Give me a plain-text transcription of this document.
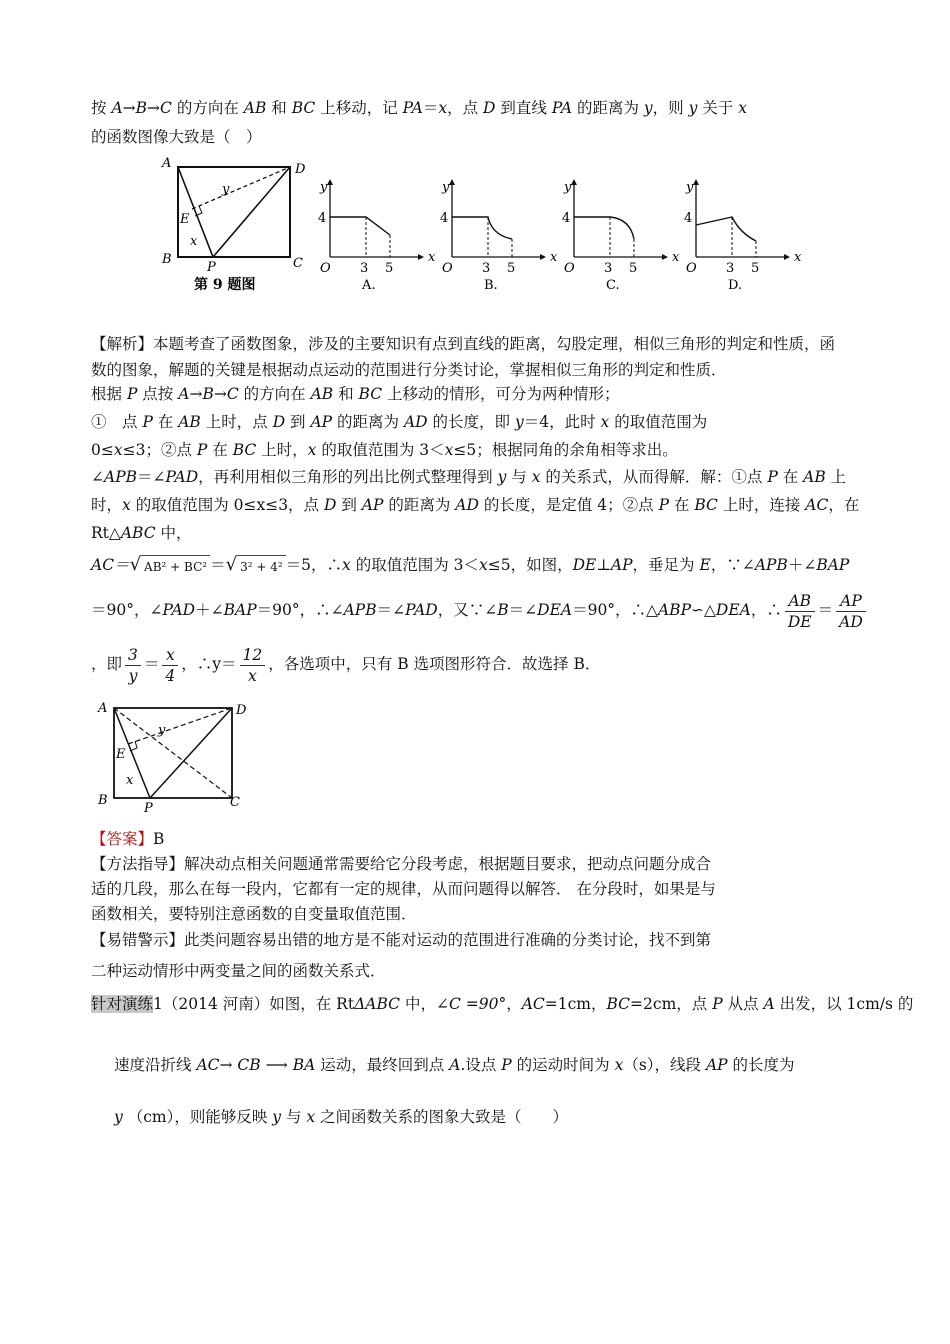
按 A→B→C 的方向在 AB 和 BC 上移动，记 PA＝x，点 D 到直线 PA 的距离为 y，则 y 关于 x
的函数图像大致是（　）
A	D
B	C
E
P
x
y
第 9 题图
4
3 5
O
x
y
A.
4
3 5
O
x
y
B.
4
3 5
O
x
y
C.
4
3 5
O
x
y
D.
【解析】本题考查了函数图象，涉及的主要知识有点到直线的距离，勾股定理，相似三角形的判定和性质，函
数的图象，解题的关键是根据动点运动的范围进行分类讨论，掌握相似三角形的判定和性质．
根据 P 点按 A→B→C 的方向在 AB 和 BC 上移动的情形，可分为两种情形；
①　点 P 在 AB 上时，点 D 到 AP 的距离为 AD 的长度，即 y＝4，此时 x 的取值范围为
0≤x≤3；②点 P 在 BC 上时，x 的取值范围为 3＜x≤5；根据同角的余角相等求出。
∠APB＝∠PAD，再利用相似三角形的列出比例式整理得到 y 与 x 的关系式，从而得解．解：①点 P 在 AB 上
时，x 的取值范围为 0≤x≤3，点 D 到 AP 的距离为 AD 的长度，是定值 4；②点 P 在 BC 上时，连接 AC，在
Rt△ABC 中，
AC＝√ AB² + BC² ＝√ 3² + 4² ＝5，∴x 的取值范围为 3＜x≤5，如图，DE⊥AP，垂足为 E，∵∠APB＋∠BAP
＝90°，∠PAD＋∠BAP＝90°，∴∠APB＝∠PAD，又∵∠B＝∠DEA＝90°，∴△ABP∽△DEA，∴ $\frac{AB}{DE} = \frac{AP}{AD}$
，即 $\frac{3}{y} = \frac{x}{4}$ ，∴y＝ $\frac{12}{x}$ ，各选项中，只有 B 选项图形符合．故选择 B．
A	D
B	C
E
P
x
y
【答案】B
【方法指导】解决动点相关问题通常需要给它分段考虑，根据题目要求，把动点问题分成合
适的几段，那么在每一段内，它都有一定的规律，从而问题得以解答． 在分段时，如果是与
函数相关，要特别注意函数的自变量取值范围．
【易错警示】此类问题容易出错的地方是不能对运动的范围进行准确的分类讨论，找不到第
二种运动情形中两变量之间的函数关系式．
针对演练1（2014 河南）如图，在 RtΔABC 中，∠C =90°，AC=1cm，BC=2cm，点 P 从点 A 出发，以 1cm/s 的
速度沿折线 AC→ CB ⟶ BA 运动，最终回到点 A.设点 P 的运动时间为 x（s），线段 AP 的长度为
y （cm），则能够反映 y 与 x 之间函数关系的图象大致是（　　）
